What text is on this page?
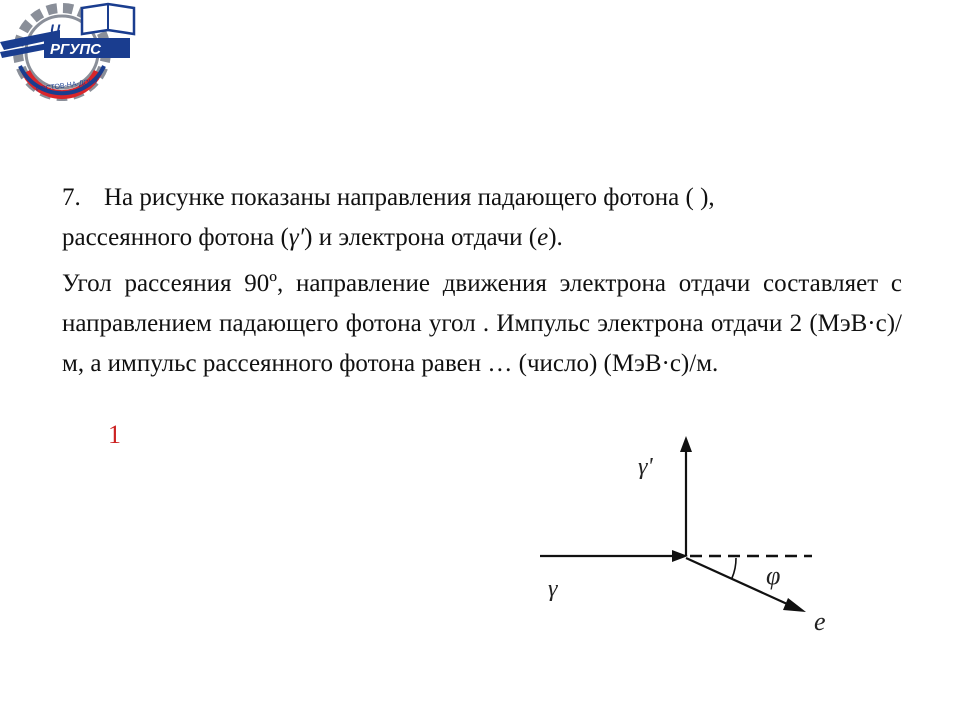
РГУПС
U
РОСТОВ-НА-ДОНУ

7. На рисунке показаны направления падающего фотона ( ),
рассеянного фотона (γ′) и электрона отдачи (e).

Угол рассеяния 90º, направление движения электрона отдачи составляет с направлением падающего фотона угол . Импульс электрона отдачи 2 (МэВ·с)/м, а импульс рассеянного фотона равен … (число) (МэВ·с)/м.

1
γ'
γ	φ
e
